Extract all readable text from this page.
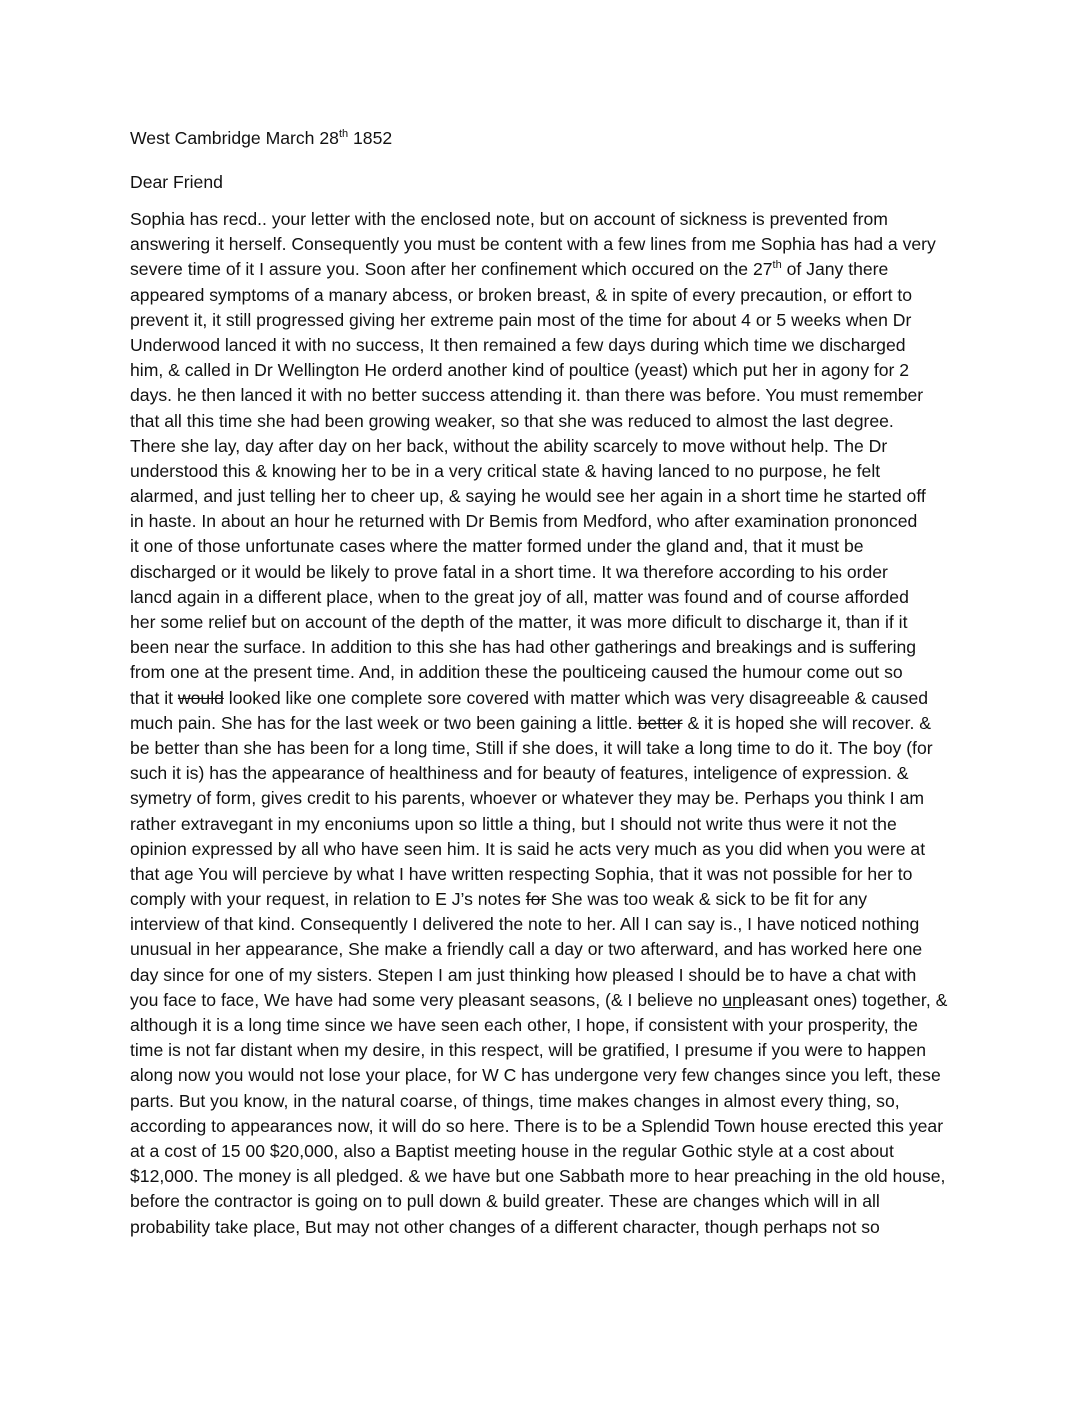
West Cambridge March 28th 1852
Dear Friend
Sophia has recd.. your letter with the enclosed note, but on account of sickness is prevented from
answering it herself. Consequently you must be content with a few lines from me Sophia has had a very
severe time of it I assure you. Soon after her confinement which occured on the 27th of Jany there
appeared symptoms of a manary abcess, or broken breast, & in spite of every precaution, or effort to
prevent it, it still progressed giving her extreme pain most of the time for about 4 or 5 weeks when Dr
Underwood lanced it with no success, It then remained a few days during which time we discharged
him, & called in Dr Wellington He orderd another kind of poultice (yeast) which put her in agony for 2
days. he then lanced it with no better success attending it. than there was before. You must remember
that all this time she had been growing weaker, so that she was reduced to almost the last degree.
There she lay, day after day on her back, without the ability scarcely to move without help. The Dr
understood this & knowing her to be in a very critical state & having lanced to no purpose, he felt
alarmed, and just telling her to cheer up, & saying he would see her again in a short time he started off
in haste. In about an hour he returned with Dr Bemis from Medford, who after examination prononced
it one of those unfortunate cases where the matter formed under the gland and, that it must be
discharged or it would be likely to prove fatal in a short time. It wa therefore according to his order
lancd again in a different place, when to the great joy of all, matter was found and of course afforded
her some relief but on account of the depth of the matter, it was more dificult to discharge it, than if it
been near the surface. In addition to this she has had other gatherings and breakings and is suffering
from one at the present time. And, in addition these the poulticeing caused the humour come out so
that it would looked like one complete sore covered with matter which was very disagreeable & caused
much pain. She has for the last week or two been gaining a little. better & it is hoped she will recover. &
be better than she has been for a long time, Still if she does, it will take a long time to do it. The boy (for
such it is) has the appearance of healthiness and for beauty of features, inteligence of expression. &
symetry of form, gives credit to his parents, whoever or whatever they may be. Perhaps you think I am
rather extravegant in my enconiums upon so little a thing, but I should not write thus were it not the
opinion expressed by all who have seen him. It is said he acts very much as you did when you were at
that age You will percieve by what I have written respecting Sophia, that it was not possible for her to
comply with your request, in relation to E J’s notes for She was too weak & sick to be fit for any
interview of that kind. Consequently I delivered the note to her. All I can say is., I have noticed nothing
unusual in her appearance, She make a friendly call a day or two afterward, and has worked here one
day since for one of my sisters. Stepen I am just thinking how pleased I should be to have a chat with
you face to face, We have had some very pleasant seasons, (& I believe no unpleasant ones) together, &
although it is a long time since we have seen each other, I hope, if consistent with your prosperity, the
time is not far distant when my desire, in this respect, will be gratified, I presume if you were to happen
along now you would not lose your place, for W C has undergone very few changes since you left, these
parts. But you know, in the natural coarse, of things, time makes changes in almost every thing, so,
according to appearances now, it will do so here. There is to be a Splendid Town house erected this year
at a cost of 15 00 $20,000, also a Baptist meeting house in the regular Gothic style at a cost about
$12,000. The money is all pledged. & we have but one Sabbath more to hear preaching in the old house,
before the contractor is going on to pull down & build greater. These are changes which will in all
probability take place, But may not other changes of a different character, though perhaps not so
